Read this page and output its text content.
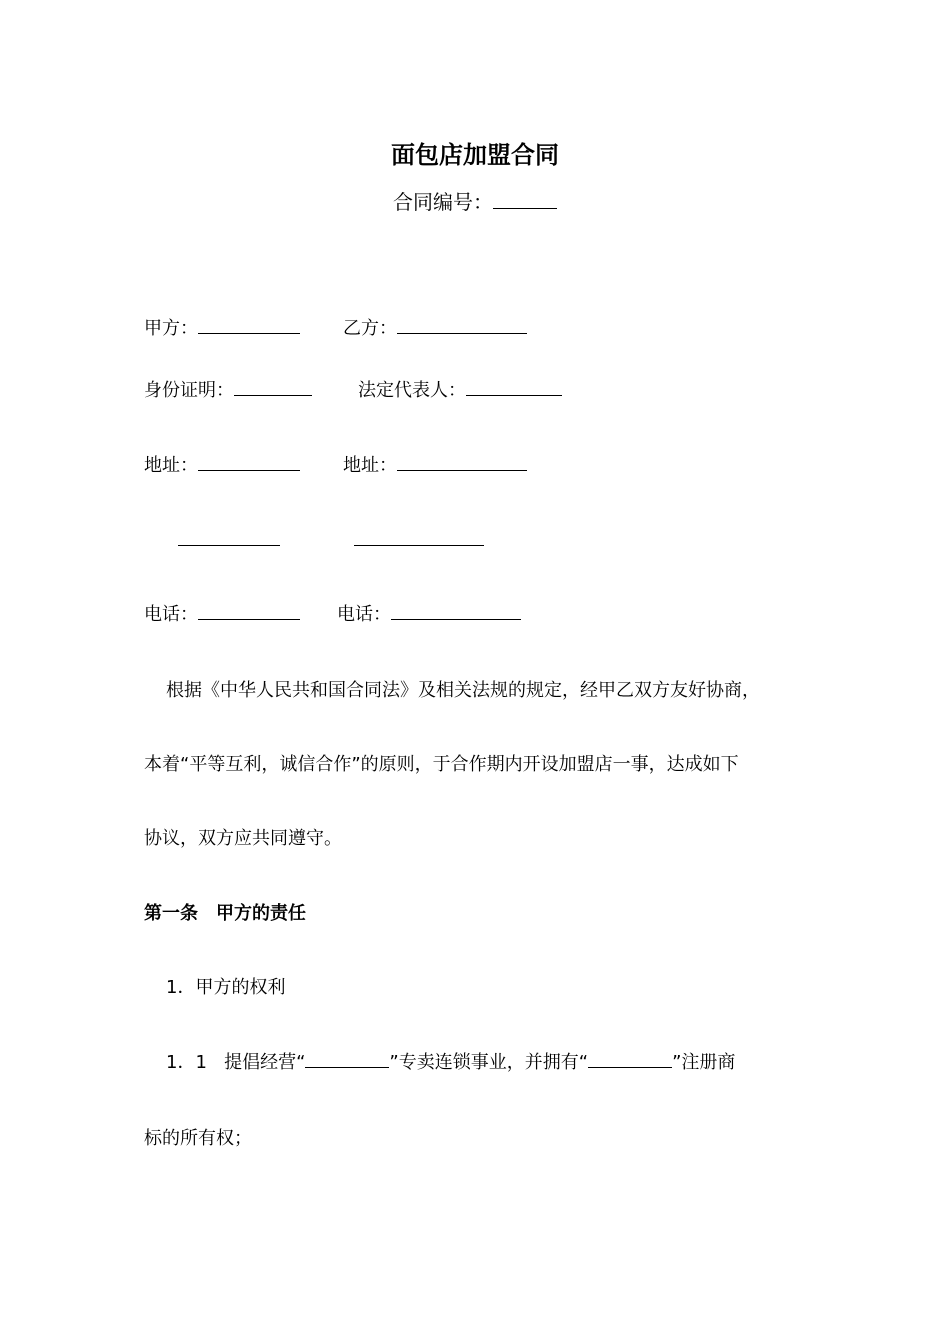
面包店加盟合同
合同编号：
甲方：	乙方：
身份证明：	法定代表人：
地址：	地址：
电话：	电话：
根据《中华人民共和国合同法》及相关法规的规定，经甲乙双方友好协商，
本着“平等互利，诚信合作”的原则，于合作期内开设加盟店一事，达成如下
协议，双方应共同遵守。
第一条　甲方的责任
1．甲方的权利
1．1 提倡经营“	”专卖连锁事业，并拥有“	”注册商
标的所有权；
